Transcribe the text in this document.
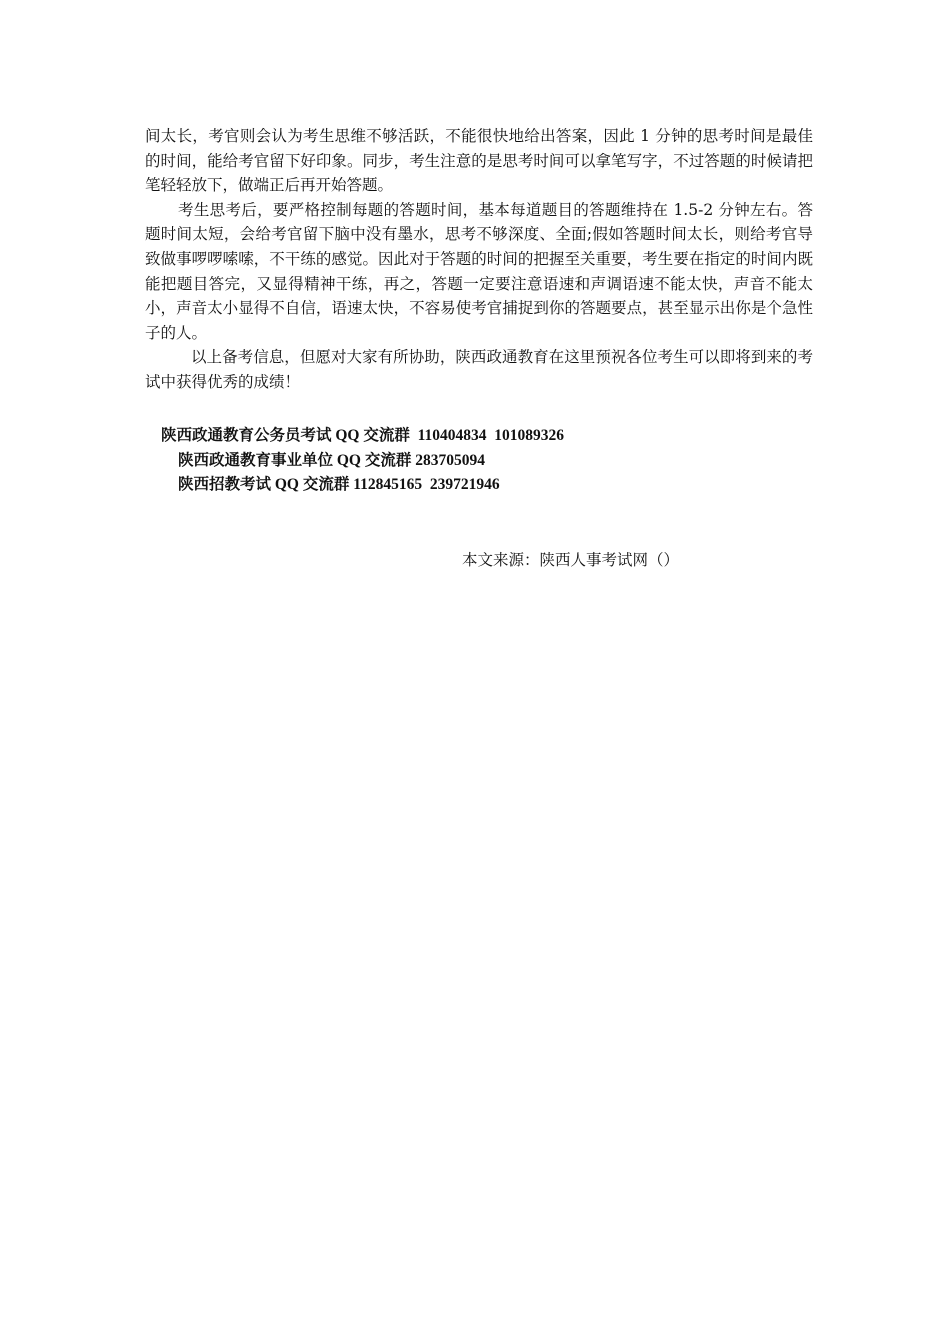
间太长，考官则会认为考生思维不够活跃，不能很快地给出答案，因此 1 分钟的思考时间是最佳的时间，能给考官留下好印象。同步，考生注意的是思考时间可以拿笔写字，不过答题的时候请把笔轻轻放下，做端正后再开始答题。

考生思考后，要严格控制每题的答题时间，基本每道题目的答题维持在 1.5-2 分钟左右。答题时间太短，会给考官留下脑中没有墨水，思考不够深度、全面;假如答题时间太长，则给考官导致做事啰啰嗦嗦，不干练的感觉。因此对于答题的时间的把握至关重要，考生要在指定的时间内既能把题目答完，又显得精神干练，再之，答题一定要注意语速和声调语速不能太快，声音不能太小，声音太小显得不自信，语速太快，不容易使考官捕捉到你的答题要点，甚至显示出你是个急性子的人。

以上备考信息，但愿对大家有所协助，陕西政通教育在这里预祝各位考生可以即将到来的考试中获得优秀的成绩！

陕西政通教育公务员考试 QQ 交流群  110404834  101089326
陕西政通教育事业单位 QQ 交流群 283705094
陕西招教考试 QQ 交流群 112845165  239721946
本文来源：陕西人事考试网（）
